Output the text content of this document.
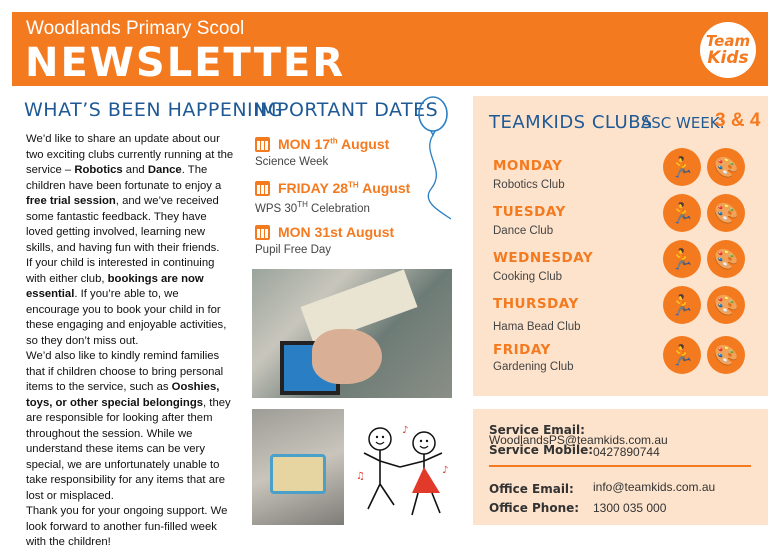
Woodlands Primary Scool
NEWSLETTER	Team
Kids
WHAT’S BEEN HAPPENING

We’d like to share an update about our two exciting clubs currently running at the service – Robotics and Dance. The children have been fortunate to enjoy a free trial session, and we’ve received some fantastic feedback. They have loved getting involved, learning new skills, and having fun with their friends.

If your child is interested in continuing with either club, bookings are now essential. If you’re able to, we encourage you to book your child in for these engaging and enjoyable activities, so they don’t miss out.

We’d also like to kindly remind families that if children choose to bring personal items to the service, such as Ooshies, toys, or other special belongings, they are responsible for looking after them throughout the session. While we understand these items can be very special, we are unfortunately unable to take responsibility for any items that are lost or misplaced.

Thank you for your ongoing support. We look forward to another fun-filled week with the children!

IMPORTANT DATES
MON 17th August
Science Week
FRIDAY 28TH August
WPS 30TH Celebration
MON 31st August
Pupil Free Day
♪
♫
♪
TEAMKIDS CLUBS
ASC WEEK:
3 & 4
MONDAY
Robotics Club
🏃 🎨
TUESDAY
Dance Club
🏃 🎨
WEDNESDAY
Cooking Club
🏃 🎨
THURSDAY
Hama Bead Club
🏃 🎨
FRIDAY
Gardening Club
🏃 🎨
Service Email:WoodlandsPS@teamkids.com.au
Service Mobile:0427890744
Office Email: info@teamkids.com.au
Office Phone: 1300 035 000
